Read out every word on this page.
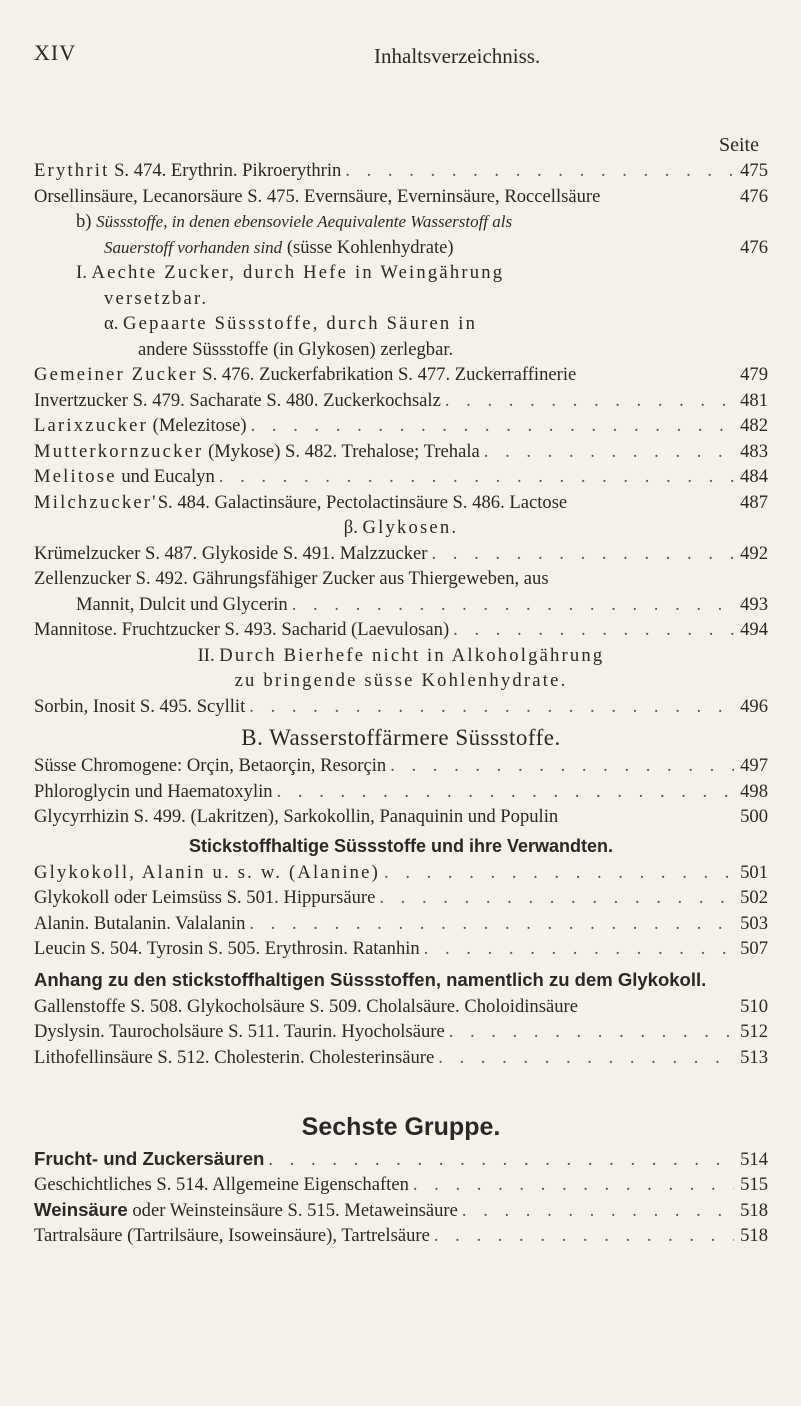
XIV	Inhaltsverzeichniss.
Seite
Erythrit S. 474. Erythrin. Pikroerythrin . . .	475
Orsellinsäure, Lecanorsäure S. 475. Evernsäure, Everninsäure, Roccellsäure	476
b) Süssstoffe, in denen ebensoviele Aequivalente Wasserstoff als
Sauerstoff vorhanden sind (süsse Kohlenhydrate)	476
I. Aechte Zucker, durch Hefe in Weingährung
versetzbar.
α. Gepaarte Süssstoffe, durch Säuren in
andere Süssstoffe (in Glykosen) zerlegbar.
Gemeiner Zucker S. 476. Zuckerfabrikation S. 477. Zuckerraffinerie	479
Invertzucker S. 479. Sacharate S. 480. Zuckerkochsalz . . .	481
Larixzucker (Melezitose) . . .	482
Mutterkornzucker (Mykose) S. 482. Trehalose; Trehala . . .	483
Melitose und Eucalyn . . .	484
Milchzucker'S. 484. Galactinsäure, Pectolactinsäure S. 486. Lactose	487
β. Glykosen.
Krümelzucker S. 487. Glykoside S. 491. Malzzucker . . .	492
Zellenzucker S. 492. Gährungsfähiger Zucker aus Thiergeweben, aus
Mannit, Dulcit und Glycerin . . .	493
Mannitose. Fruchtzucker S. 493. Sacharid (Laevulosan) . . .	494
II. Durch Bierhefe nicht in Alkoholgährung
zu bringende süsse Kohlenhydrate.
Sorbin, Inosit S. 495. Scyllit . . .	496
B. Wasserstoffärmere Süssstoffe.
Süsse Chromogene: Orçin, Betaorçin, Resorçin . . .	497
Phloroglycin und Haematoxylin . . .	498
Glycyrrhizin S. 499. (Lakritzen), Sarkokollin, Panaquinin und Populin	500
Stickstoffhaltige Süssstoffe und ihre Verwandten.
Glykokoll, Alanin u. s. w. (Alanine) . . .	501
Glykokoll oder Leimsüss S. 501. Hippursäure . . .	502
Alanin. Butalanin. Valalanin . . .	503
Leucin S. 504. Tyrosin S. 505. Erythrosin. Ratanhin . . .	507
Anhang zu den stickstoffhaltigen Süssstoffen, namentlich zu dem Glykokoll.
Gallenstoffe S. 508. Glykocholsäure S. 509. Cholalsäure. Choloidinsäure	510
Dyslysin. Taurocholsäure S. 511. Taurin. Hyocholsäure . . .	512
Lithofellinsäure S. 512. Cholesterin. Cholesterinsäure . . .	513
Sechste Gruppe.
Frucht- und Zuckersäuren . . .	514
Geschichtliches S. 514. Allgemeine Eigenschaften . . .	515
Weinsäure oder Weinsteinsäure S. 515. Metaweinsäure . . .	518
Tartralsäure (Tartrilsäure, Isoweinsäure), Tartrelsäure . . .	518
